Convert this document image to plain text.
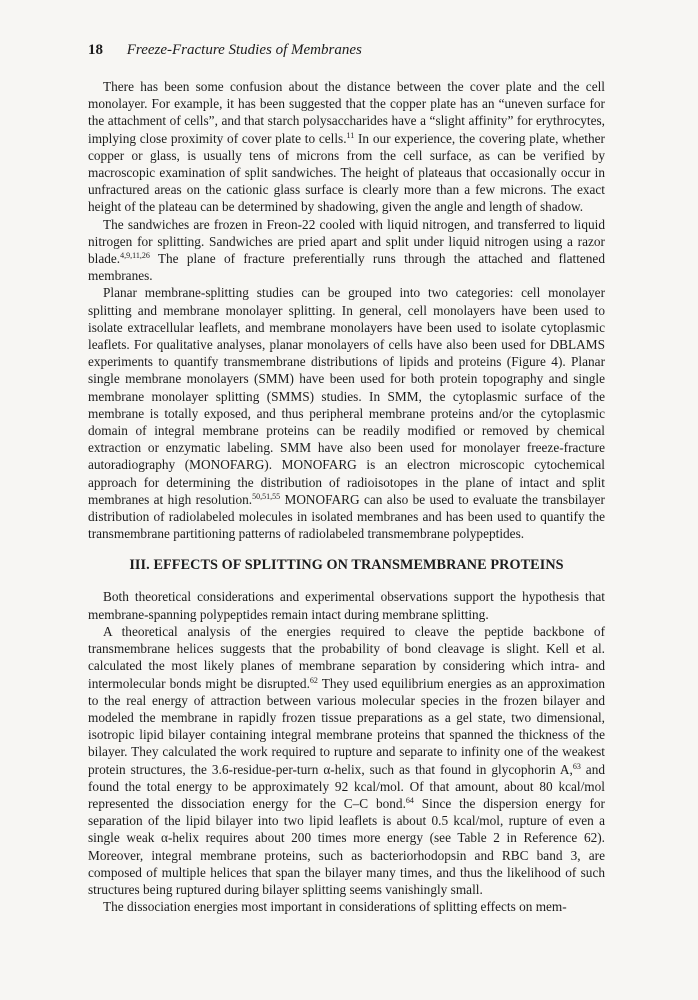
18 Freeze-Fracture Studies of Membranes

There has been some confusion about the distance between the cover plate and the cell monolayer. For example, it has been suggested that the copper plate has an “uneven surface for the attachment of cells”, and that starch polysaccharides have a “slight affinity” for erythrocytes, implying close proximity of cover plate to cells.$^{11}$ In our experience, the covering plate, whether copper or glass, is usually tens of microns from the cell surface, as can be verified by macroscopic examination of split sandwiches. The height of plateaus that occasionally occur in unfractured areas on the cationic glass surface is clearly more than a few microns. The exact height of the plateau can be determined by shadowing, given the angle and length of shadow.

The sandwiches are frozen in Freon-22 cooled with liquid nitrogen, and transferred to liquid nitrogen for splitting. Sandwiches are pried apart and split under liquid nitrogen using a razor blade.$^{4,9,11,26}$ The plane of fracture preferentially runs through the attached and flattened membranes.

Planar membrane-splitting studies can be grouped into two categories: cell monolayer splitting and membrane monolayer splitting. In general, cell monolayers have been used to isolate extracellular leaflets, and membrane monolayers have been used to isolate cytoplasmic leaflets. For qualitative analyses, planar monolayers of cells have also been used for DBLAMS experiments to quantify transmembrane distributions of lipids and proteins (Figure 4). Planar single membrane monolayers (SMM) have been used for both protein topography and single membrane monolayer splitting (SMMS) studies. In SMM, the cytoplasmic surface of the membrane is totally exposed, and thus peripheral membrane proteins and/or the cytoplasmic domain of integral membrane proteins can be readily modified or removed by chemical extraction or enzymatic labeling. SMM have also been used for monolayer freeze-fracture autoradiography (MONOFARG). MONOFARG is an electron microscopic cytochemical approach for determining the distribution of radioisotopes in the plane of intact and split membranes at high resolution.$^{50,51,55}$ MONOFARG can also be used to evaluate the transbilayer distribution of radiolabeled molecules in isolated membranes and has been used to quantify the transmembrane partitioning patterns of radiolabeled transmembrane polypeptides.

III. EFFECTS OF SPLITTING ON TRANSMEMBRANE PROTEINS

Both theoretical considerations and experimental observations support the hypothesis that membrane-spanning polypeptides remain intact during membrane splitting.

A theoretical analysis of the energies required to cleave the peptide backbone of transmembrane helices suggests that the probability of bond cleavage is slight. Kell et al. calculated the most likely planes of membrane separation by considering which intra- and intermolecular bonds might be disrupted.$^{62}$ They used equilibrium energies as an approximation to the real energy of attraction between various molecular species in the frozen bilayer and modeled the membrane in rapidly frozen tissue preparations as a gel state, two dimensional, isotropic lipid bilayer containing integral membrane proteins that spanned the thickness of the bilayer. They calculated the work required to rupture and separate to infinity one of the weakest protein structures, the 3.6-residue-per-turn α-helix, such as that found in glycophorin A,$^{63}$ and found the total energy to be approximately 92 kcal/mol. Of that amount, about 80 kcal/mol represented the dissociation energy for the C–C bond.$^{64}$ Since the dispersion energy for separation of the lipid bilayer into two lipid leaflets is about 0.5 kcal/mol, rupture of even a single weak α-helix requires about 200 times more energy (see Table 2 in Reference 62). Moreover, integral membrane proteins, such as bacteriorhodopsin and RBC band 3, are composed of multiple helices that span the bilayer many times, and thus the likelihood of such structures being ruptured during bilayer splitting seems vanishingly small.

The dissociation energies most important in considerations of splitting effects on mem-
